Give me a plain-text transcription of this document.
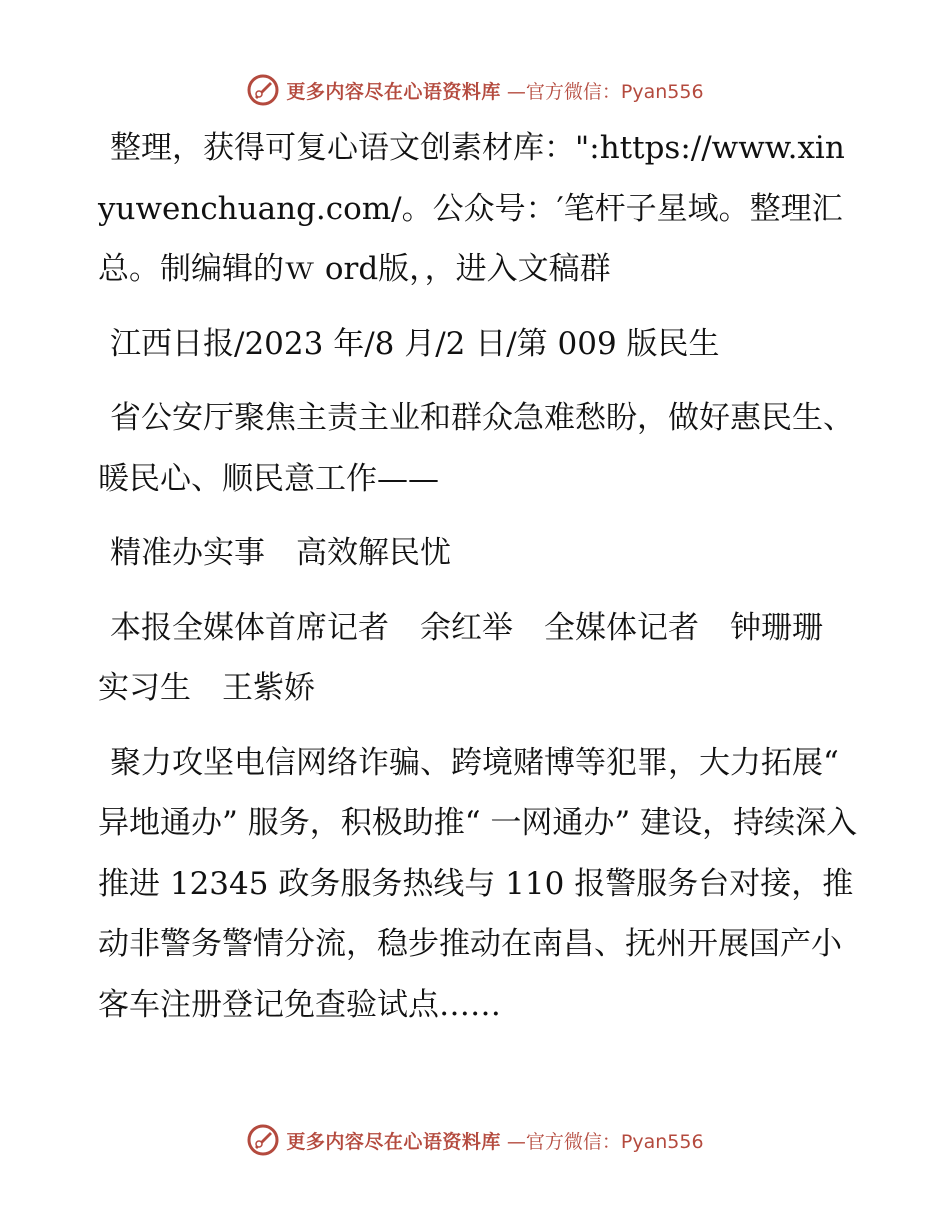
更多内容尽在心语资料库 —官方微信：Pyan556

整理，获得可复心语文创素材库：":https://www.xinyuwenchuang.com/。公众号：′笔杆子星域。整理汇总。制编辑的ｗ ord版，，进入文稿群

江西日报/2023 年/8 月/2 日/第 009 版民生

省公安厅聚焦主责主业和群众急难愁盼，做好惠民生、暖民心、顺民意工作——

精准办实事　高效解民忧

本报全媒体首席记者　余红举　全媒体记者　钟珊珊　实习生　王紫娇

聚力攻坚电信网络诈骗、跨境赌博等犯罪，大力拓展“ 异地通办” 服务，积极助推“ 一网通办” 建设，持续深入推进 12345 政务服务热线与 110 报警服务台对接，推动非警务警情分流，稳步推动在南昌、抚州开展国产小客车注册登记免查验试点……

更多内容尽在心语资料库 —官方微信：Pyan556
